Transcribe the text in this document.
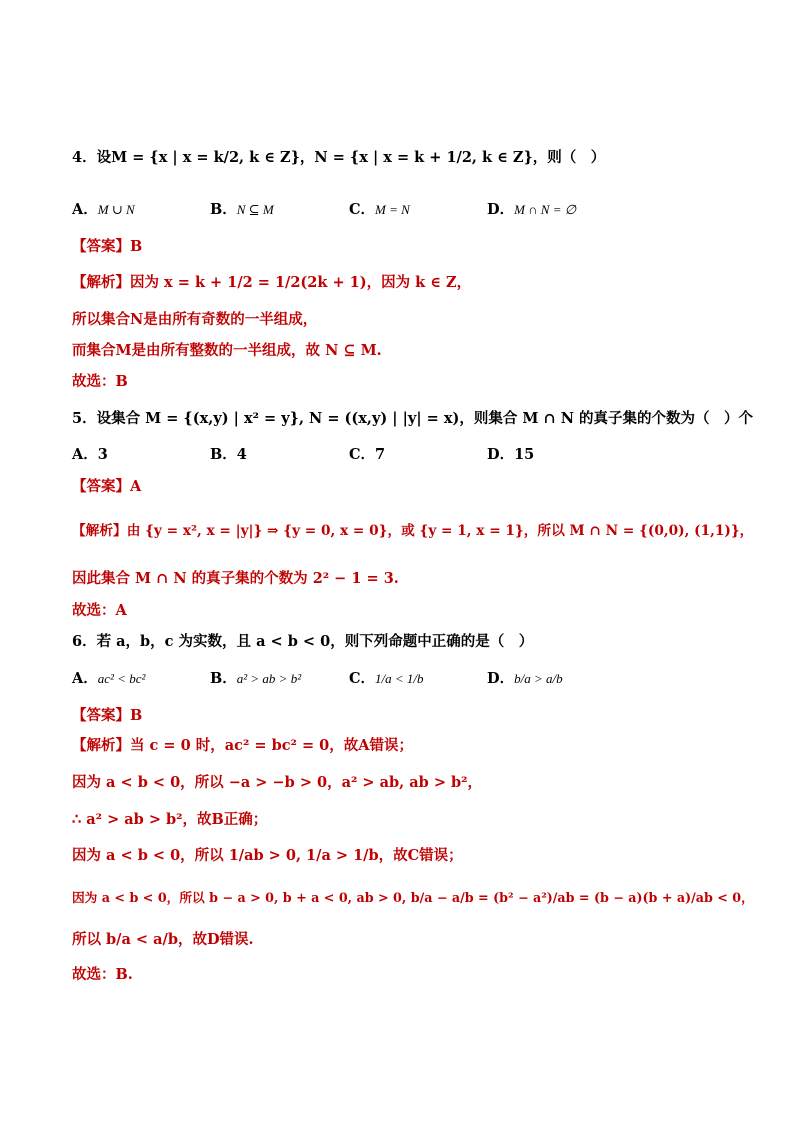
4．设M = {x | x = k/2, k ∈ Z}，N = {x | x = k + 1/2, k ∈ Z}，则（　）
A．M ∪ N	B．N ⊆ M	C．M = N	D．M ∩ N = ∅
【答案】B
【解析】因为 x = k + 1/2 = 1/2(2k + 1)，因为 k ∈ Z，
所以集合N是由所有奇数的一半组成，
而集合M是由所有整数的一半组成，故 N ⊆ M.
故选：B
5．设集合 M = {(x,y) | x² = y}, N = ((x,y) | |y| = x)，则集合 M ∩ N 的真子集的个数为（　）个
A．3	B．4	C．7	D．15
【答案】A
【解析】由 {y = x², x = |y|} ⇒ {y = 0, x = 0}，或 {y = 1, x = 1}，所以 M ∩ N = {(0,0), (1,1)}，
因此集合 M ∩ N 的真子集的个数为 2² − 1 = 3.
故选：A
6．若 a，b，c 为实数，且 a < b < 0，则下列命题中正确的是（　）
A．ac² < bc²	B．a² > ab > b²	C．1/a < 1/b	D．b/a > a/b
【答案】B
【解析】当 c = 0 时，ac² = bc² = 0，故A错误；
因为 a < b < 0，所以 −a > −b > 0，a² > ab, ab > b²，
∴ a² > ab > b²，故B正确；
因为 a < b < 0，所以 1/ab > 0, 1/a > 1/b，故C错误；
因为 a < b < 0，所以 b − a > 0, b + a < 0, ab > 0, b/a − a/b = (b² − a²)/ab = (b − a)(b + a)/ab < 0，
所以 b/a < a/b，故D错误.
故选：B.
